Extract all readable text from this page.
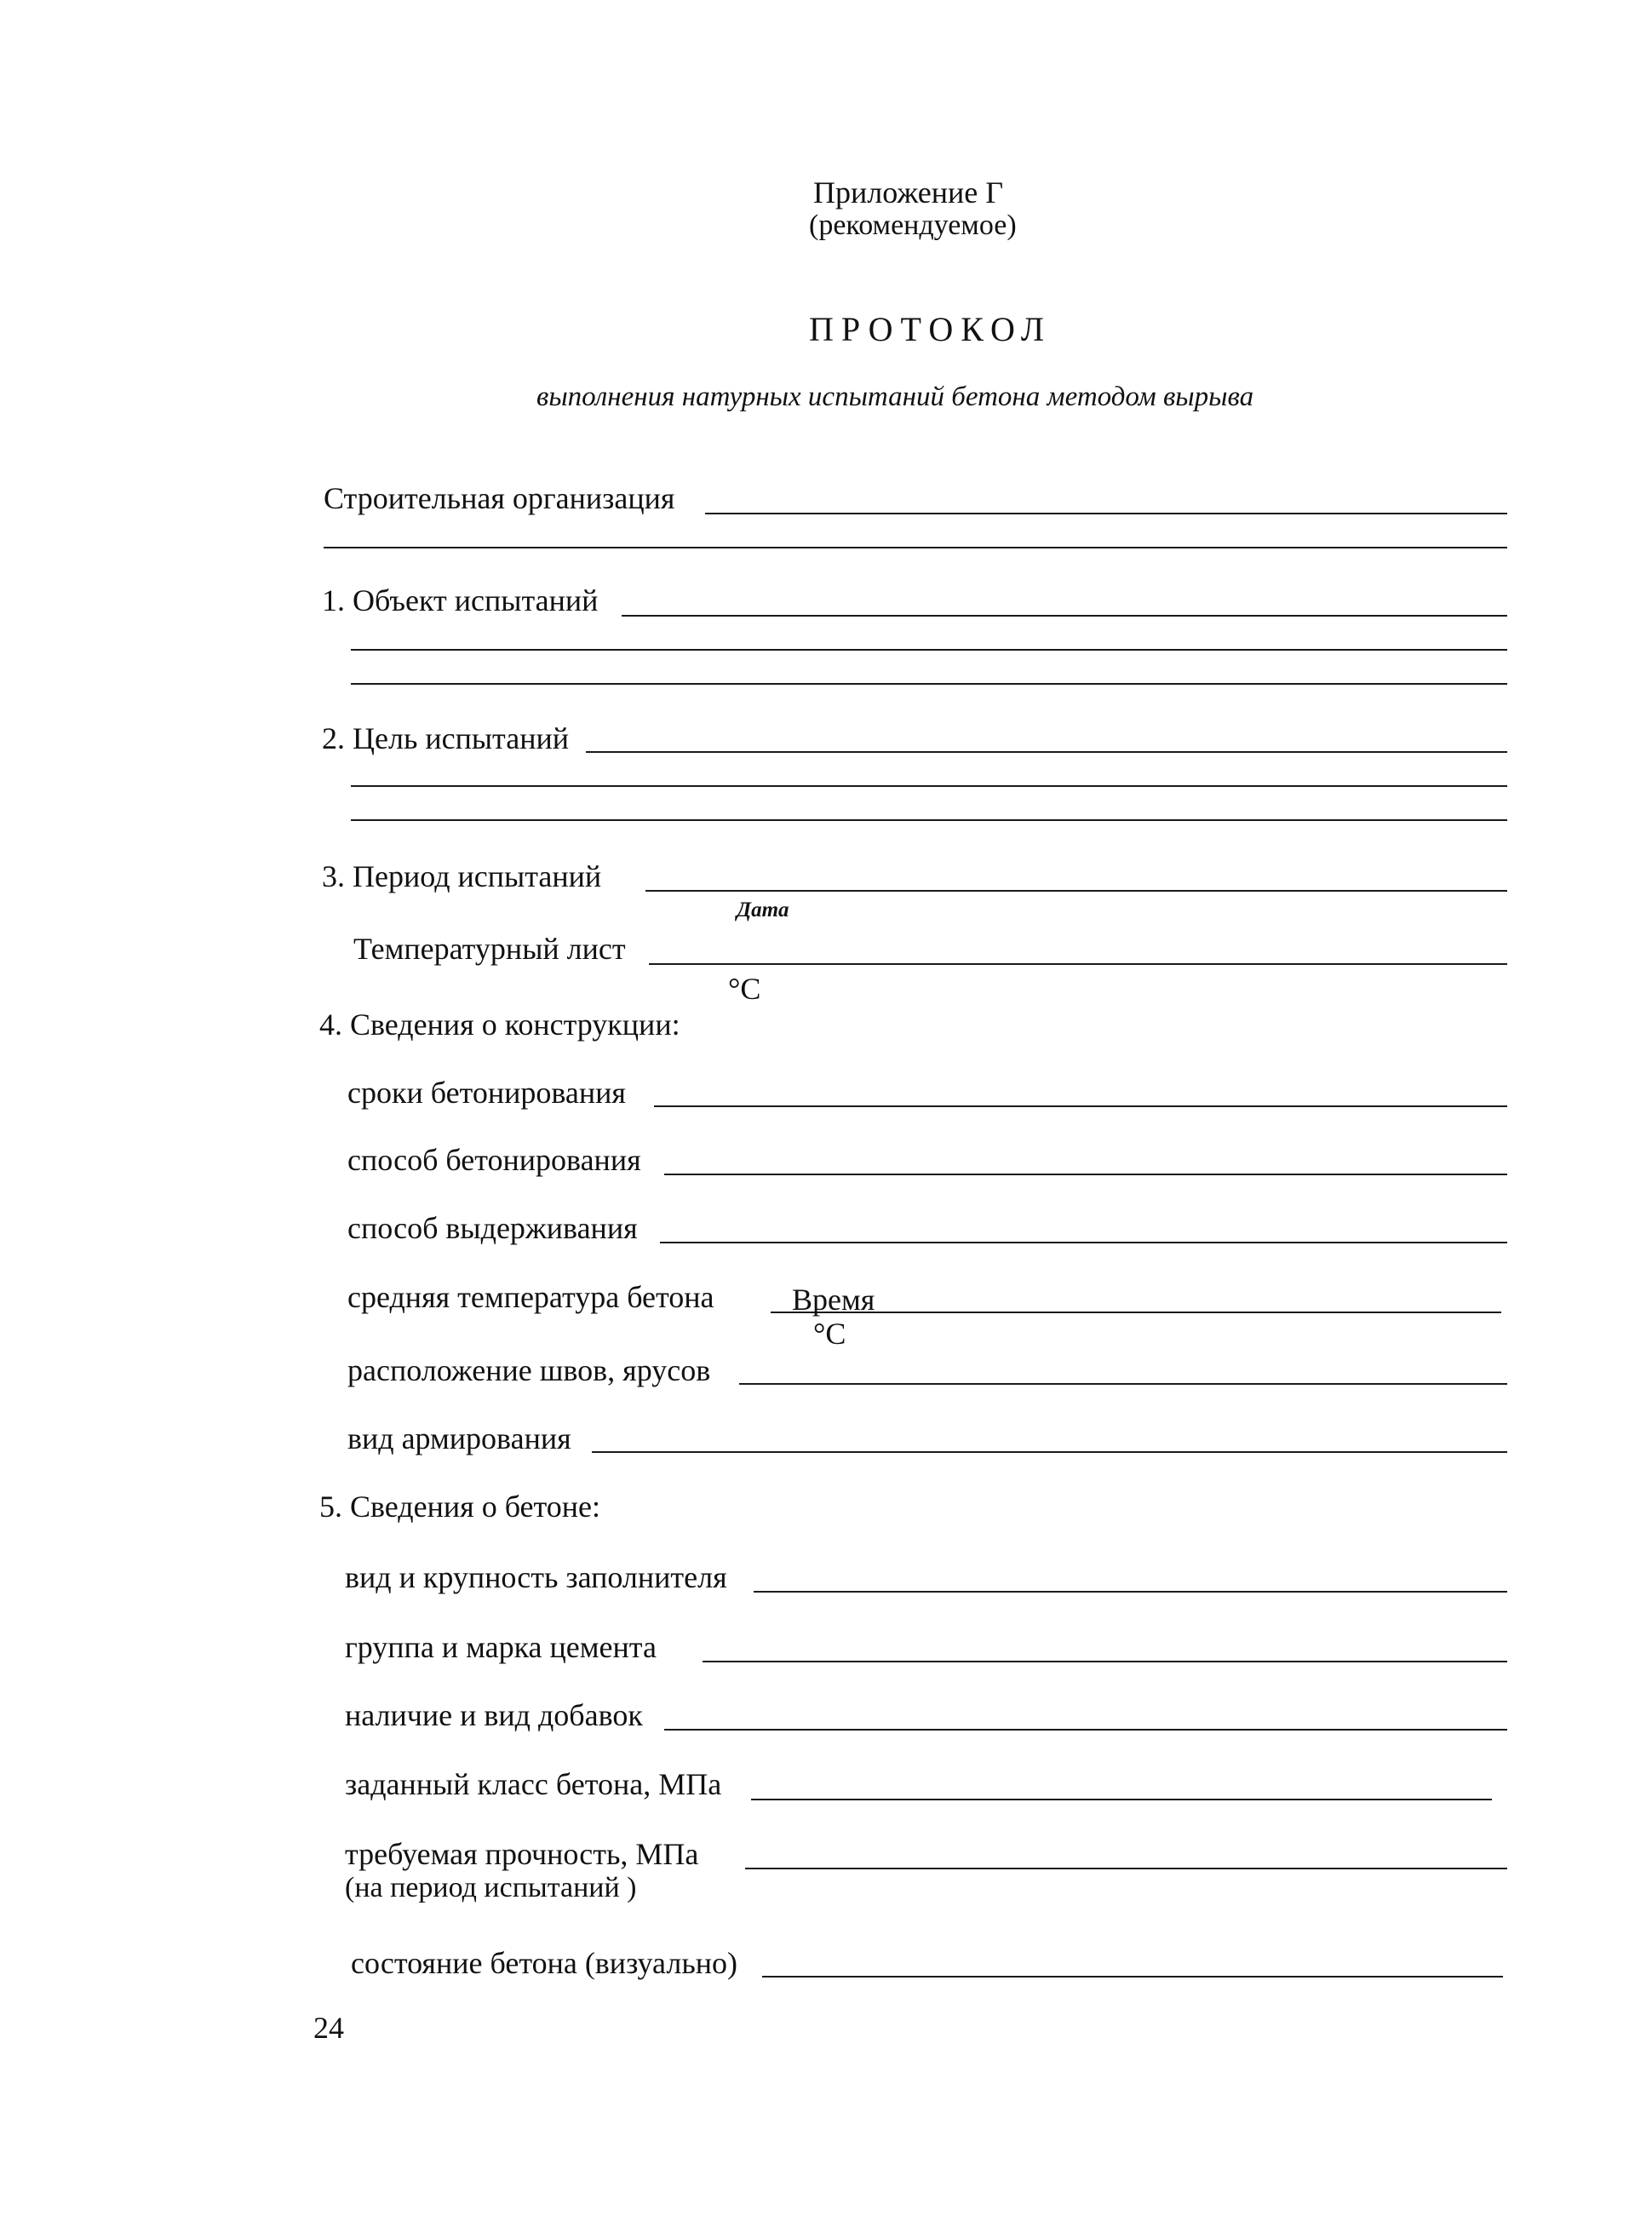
Приложение Г
(рекомендуемое)
ПРОТОКОЛ
выполнения натурных испытаний бетона методом вырыва
Строительная организация
1. Объект испытаний
2. Цель испытаний
3. Период испытаний
Дата
Температурный лист
°С
4. Сведения о конструкции:
сроки бетонирования
способ бетонирования
способ выдерживания
средняя температура бетона	Время
°С
расположение швов, ярусов
вид армирования
5. Сведения о бетоне:
вид и крупность заполнителя
группа и марка цемента
наличие и вид добавок
заданный класс бетона, МПа
требуемая прочность, МПа
(на период испытаний )
состояние бетона (визуально)
24
